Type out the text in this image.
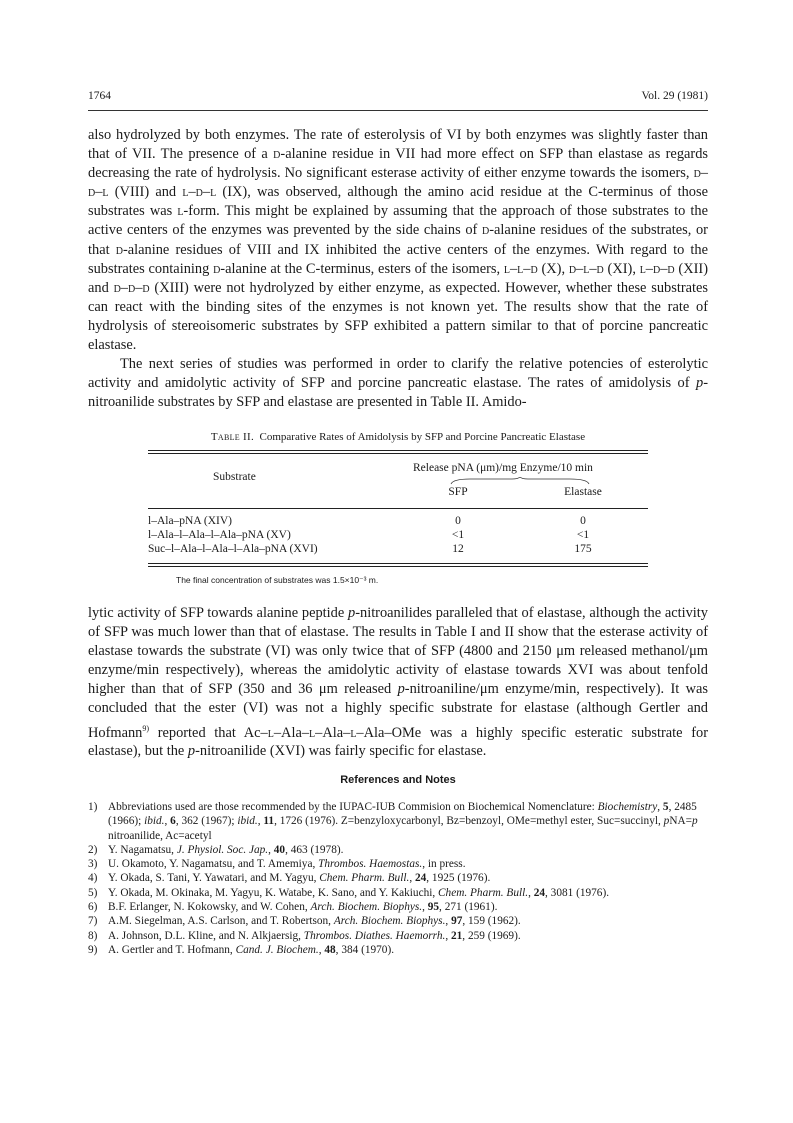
1764	Vol. 29 (1981)

also hydrolyzed by both enzymes. The rate of esterolysis of VI by both enzymes was slightly faster than that of VII. The presence of a d-alanine residue in VII had more effect on SFP than elastase as regards decreasing the rate of hydrolysis. No significant esterase activity of either enzyme towards the isomers, d–d–l (VIII) and l–d–l (IX), was observed, although the amino acid residue at the C-terminus of those substrates was l-form. This might be explained by assuming that the approach of those substrates to the active centers of the enzymes was prevented by the side chains of d-alanine residues of the substrates, or that d-alanine residues of VIII and IX inhibited the active centers of the enzymes. With regard to the substrates containing d-alanine at the C-terminus, esters of the isomers, l–l–d (X), d–l–d (XI), l–d–d (XII) and d–d–d (XIII) were not hydrolyzed by either enzyme, as expected. However, whether these substrates can react with the binding sites of the enzymes is not known yet. The results show that the rate of hydrolysis of stereoisomeric substrates by SFP exhibited a pattern similar to that of porcine pancreatic elastase.

The next series of studies was performed in order to clarify the relative potencies of esterolytic activity and amidolytic activity of SFP and porcine pancreatic elastase. The rates of amidolysis of p-nitroanilide substrates by SFP and elastase are presented in Table II. Amido-

Table II. Comparative Rates of Amidolysis by SFP and Porcine Pancreatic Elastase
Substrate
Release pNA (μm)/mg Enzyme/10 min
SFP	Elastase
l–Ala–pNA (XIV)	0	0
l–Ala–l–Ala–l–Ala–pNA (XV)	<1	<1
Suc–l–Ala–l–Ala–l–Ala–pNA (XVI)	12	175
The final concentration of substrates was 1.5×10⁻³ m.

lytic activity of SFP towards alanine peptide p-nitroanilides paralleled that of elastase, although the activity of SFP was much lower than that of elastase. The results in Table I and II show that the esterase activity of elastase towards the substrate (VI) was only twice that of SFP (4800 and 2150 μm released methanol/μm enzyme/min respectively), whereas the amidolytic activity of elastase towards XVI was about tenfold higher than that of SFP (350 and 36 μm released p-nitroaniline/μm enzyme/min, respectively). It was concluded that the ester (VI) was not a highly specific substrate for elastase (although Gertler and Hofmann$^{9)}$ reported that Ac–l–Ala–l–Ala–l–Ala–OMe was a highly specific esteratic substrate for elastase), but the p-nitroanilide (XVI) was fairly specific for elastase.

References and Notes

1) Abbreviations used are those recommended by the IUPAC-IUB Commision on Biochemical Nomenclature: Biochemistry, 5, 2485 (1966); ibid., 6, 362 (1967); ibid., 11, 1726 (1976). Z=benzyloxycarbonyl, Bz=benzoyl, OMe=methyl ester, Suc=succinyl, pNA=p nitroanilide, Ac=acetyl

2) Y. Nagamatsu, J. Physiol. Soc. Jap., 40, 463 (1978).

3) U. Okamoto, Y. Nagamatsu, and T. Amemiya, Thrombos. Haemostas., in press.

4) Y. Okada, S. Tani, Y. Yawatari, and M. Yagyu, Chem. Pharm. Bull., 24, 1925 (1976).

5) Y. Okada, M. Okinaka, M. Yagyu, K. Watabe, K. Sano, and Y. Kakiuchi, Chem. Pharm. Bull., 24, 3081 (1976).

6) B.F. Erlanger, N. Kokowsky, and W. Cohen, Arch. Biochem. Biophys., 95, 271 (1961).

7) A.M. Siegelman, A.S. Carlson, and T. Robertson, Arch. Biochem. Biophys., 97, 159 (1962).

8) A. Johnson, D.L. Kline, and N. Alkjaersig, Thrombos. Diathes. Haemorrh., 21, 259 (1969).

9) A. Gertler and T. Hofmann, Cand. J. Biochem., 48, 384 (1970).
